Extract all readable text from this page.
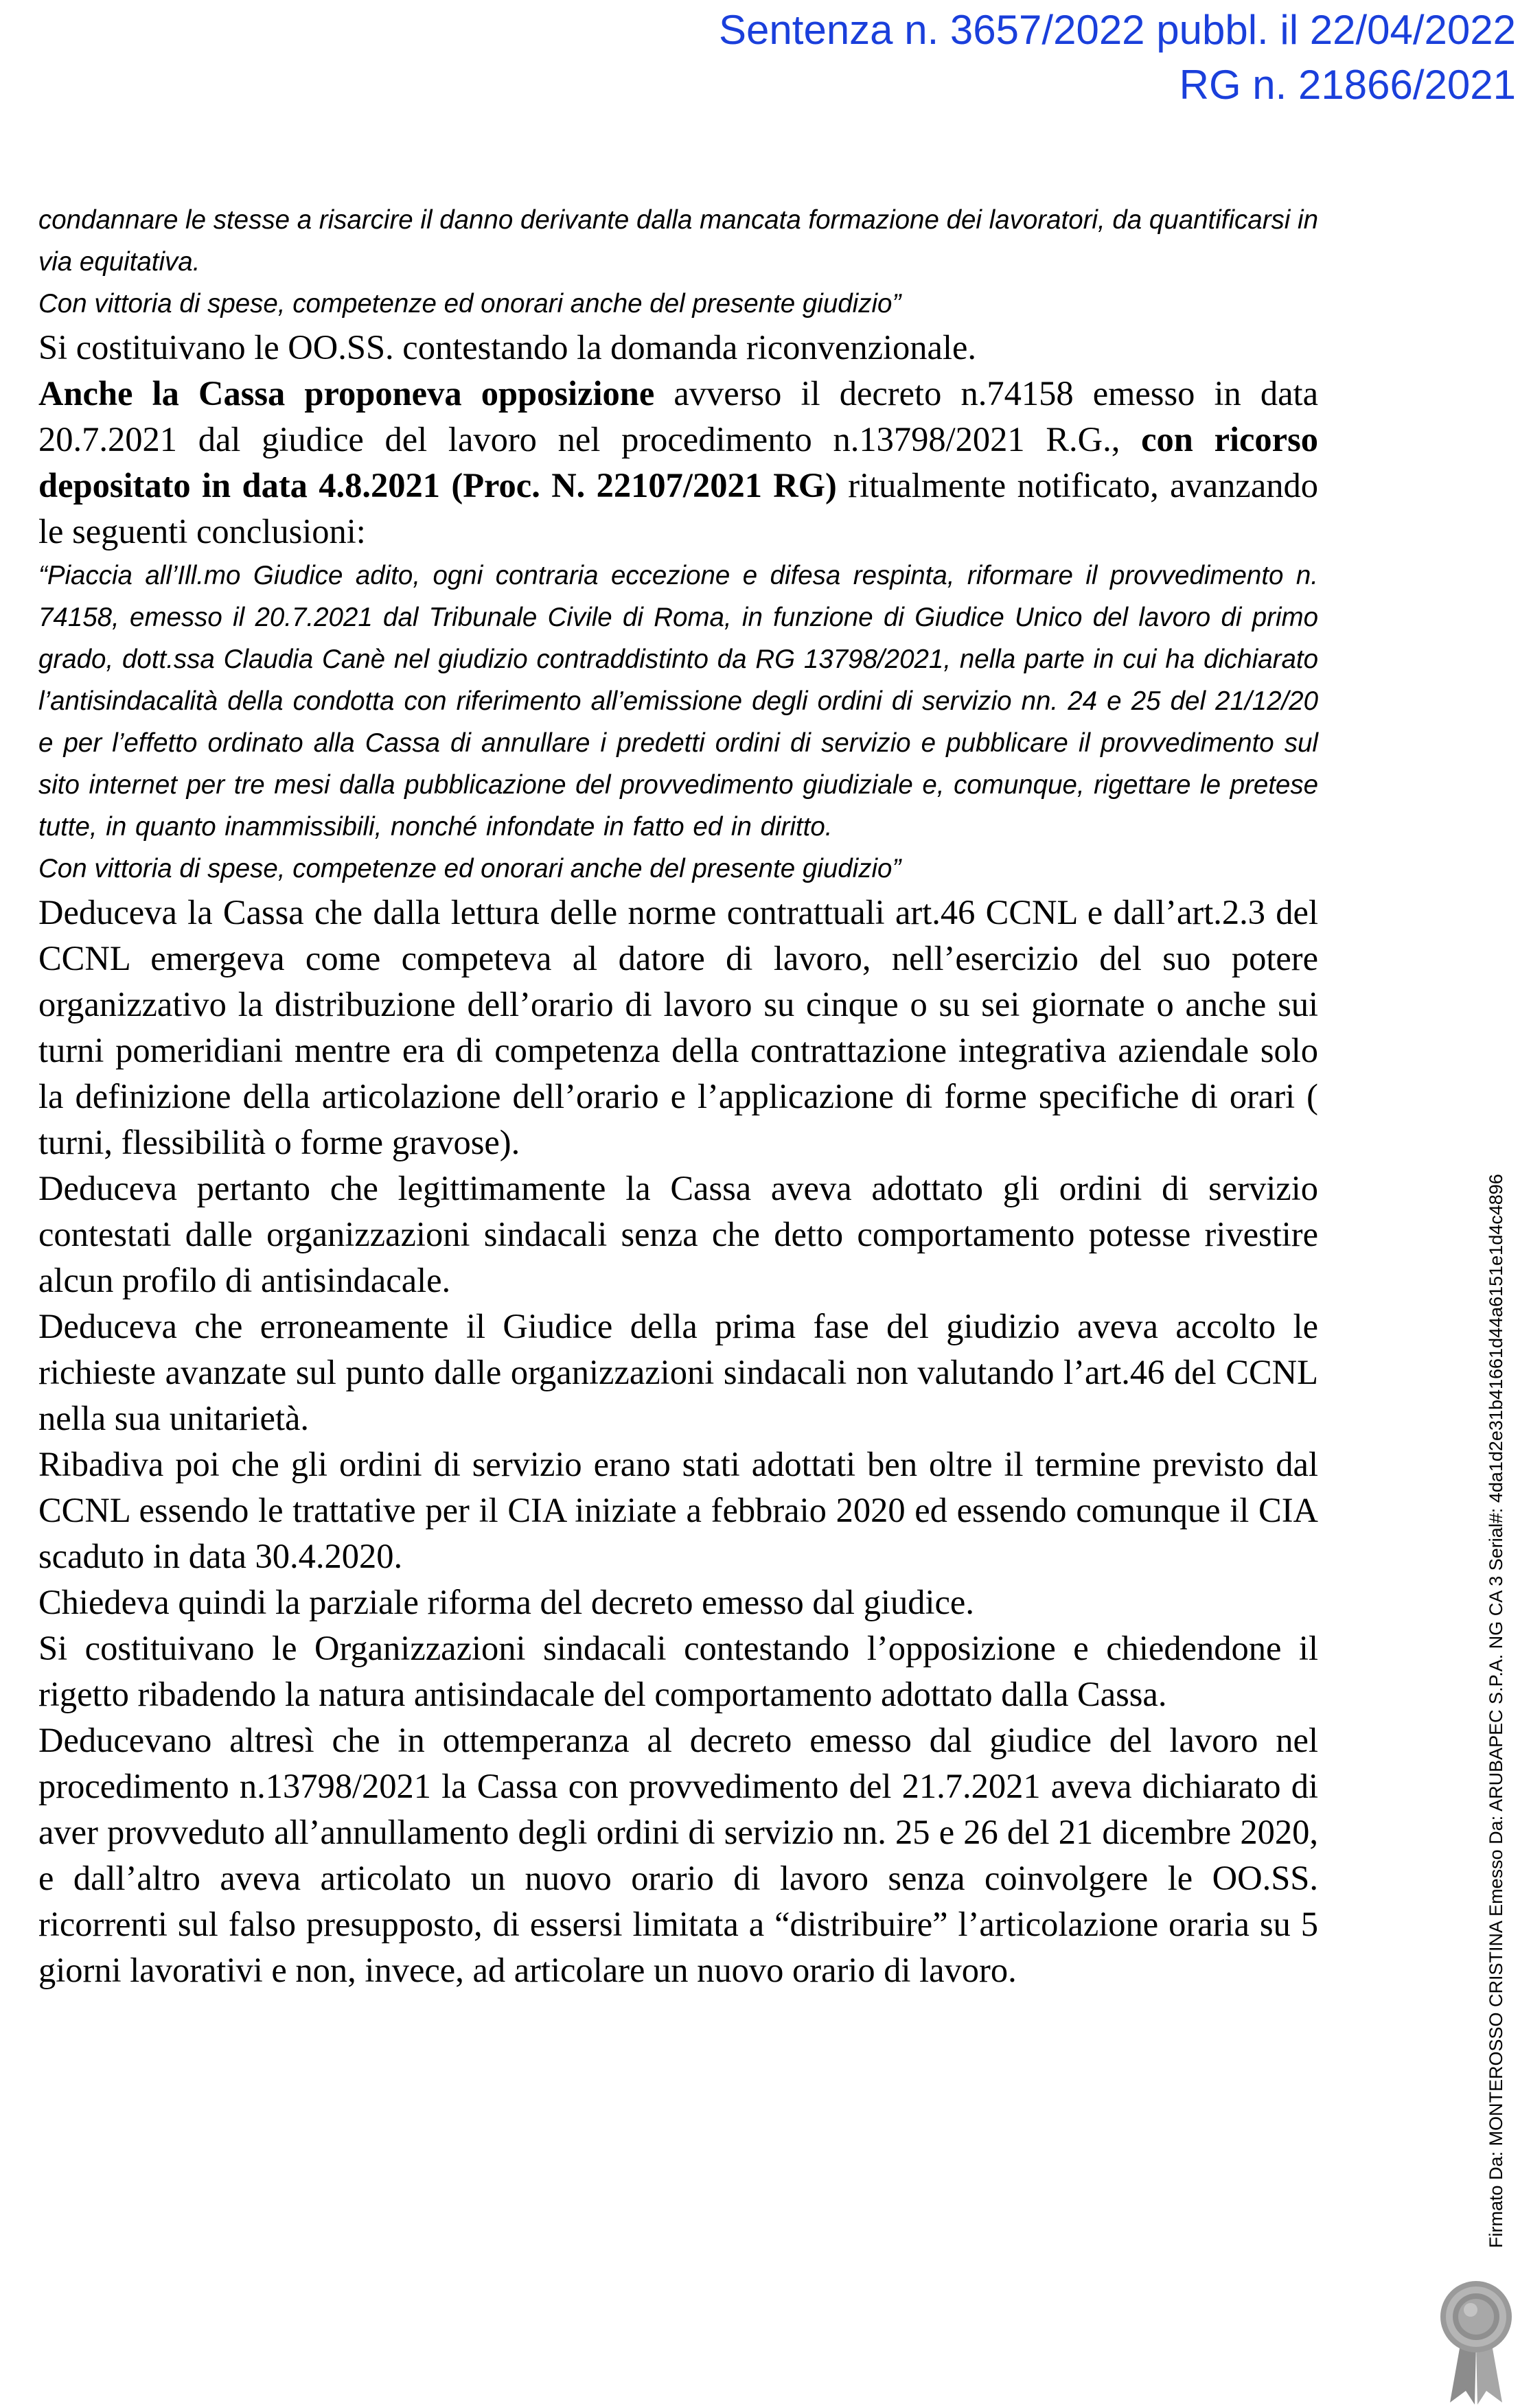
Sentenza n. 3657/2022 pubbl. il 22/04/2022
RG n. 21866/2021

condannare le stesse a risarcire il danno derivante dalla mancata formazione dei lavoratori, da quantificarsi in via equitativa.

Con vittoria di spese, competenze ed onorari anche del presente giudizio”

Si costituivano le OO.SS. contestando la domanda riconvenzionale.

Anche la Cassa proponeva opposizione avverso il decreto n.74158 emesso in data 20.7.2021 dal giudice del lavoro nel procedimento n.13798/2021 R.G., con ricorso depositato in data 4.8.2021 (Proc. N. 22107/2021 RG) ritualmente notificato, avanzando le seguenti conclusioni:

“Piaccia all’Ill.mo Giudice adito, ogni contraria eccezione e difesa respinta, riformare il provvedimento n. 74158, emesso il 20.7.2021 dal Tribunale Civile di Roma, in funzione di Giudice Unico del lavoro di primo grado, dott.ssa Claudia Canè nel giudizio contraddistinto da RG 13798/2021, nella parte in cui ha dichiarato l’antisindacalità della condotta con riferimento all’emissione degli ordini di servizio nn. 24 e 25 del 21/12/20 e per l’effetto ordinato alla Cassa di annullare i predetti ordini di servizio e pubblicare il provvedimento sul sito internet per tre mesi dalla pubblicazione del provvedimento giudiziale e, comunque, rigettare le pretese tutte, in quanto inammissibili, nonché infondate in fatto ed in diritto.

Con vittoria di spese, competenze ed onorari anche del presente giudizio”

Deduceva la Cassa che dalla lettura delle norme contrattuali art.46 CCNL e dall’art.2.3 del CCNL emergeva come competeva al datore di lavoro, nell’esercizio del suo potere organizzativo la distribuzione dell’orario di lavoro su cinque o su sei giornate o anche sui turni pomeridiani mentre era di competenza della contrattazione integrativa aziendale solo la definizione della articolazione dell’orario e l’applicazione di forme specifiche di orari ( turni, flessibilità o forme gravose).

Deduceva pertanto che legittimamente la Cassa aveva adottato gli ordini di servizio contestati dalle organizzazioni sindacali senza che detto comportamento potesse rivestire alcun profilo di antisindacale.

Deduceva che erroneamente il Giudice della prima fase del giudizio aveva accolto le richieste avanzate sul punto dalle organizzazioni sindacali non valutando l’art.46 del CCNL nella sua unitarietà.

Ribadiva poi che gli ordini di servizio erano stati adottati ben oltre il termine previsto dal CCNL essendo le trattative per il CIA iniziate a febbraio 2020 ed essendo comunque il CIA scaduto in data 30.4.2020.

Chiedeva quindi la parziale riforma del decreto emesso dal giudice.

Si costituivano le Organizzazioni sindacali contestando l’opposizione e chiedendone il rigetto ribadendo la natura antisindacale del comportamento adottato dalla Cassa.

Deducevano altresì che in ottemperanza al decreto emesso dal giudice del lavoro nel procedimento n.13798/2021 la Cassa con provvedimento del 21.7.2021 aveva dichiarato di aver provveduto all’annullamento degli ordini di servizio nn. 25 e 26 del 21 dicembre 2020, e dall’altro aveva articolato un nuovo orario di lavoro senza coinvolgere le OO.SS. ricorrenti sul falso presupposto, di essersi limitata a “distribuire” l’articolazione oraria su 5 giorni lavorativi e non, invece, ad articolare un nuovo orario di lavoro.	Firmato Da: MONTEROSSO CRISTINA Emesso Da: ARUBAPEC S.P.A. NG CA 3 Serial#: 4da1d2e31b41661d44a6151e1d4c4896
